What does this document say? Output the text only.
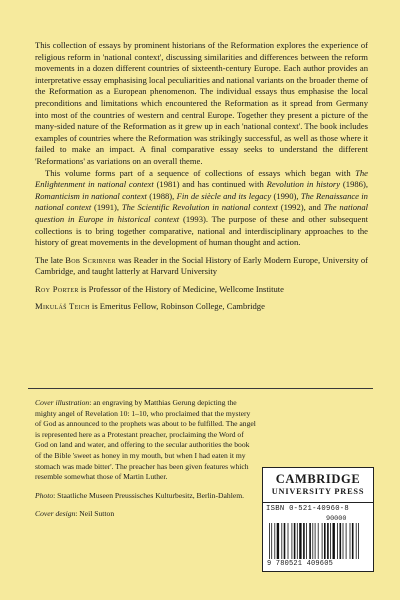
This collection of essays by prominent historians of the Reformation explores the experience of religious reform in 'national context', discussing similarities and differences between the reform movements in a dozen different countries of sixteenth-century Europe. Each author provides an interpretative essay emphasising local peculiarities and national variants on the broader theme of the Reformation as a European phenomenon. The individual essays thus emphasise the local preconditions and limitations which encountered the Reformation as it spread from Germany into most of the countries of western and central Europe. Together they present a picture of the many-sided nature of the Reformation as it grew up in each 'national context'. The book includes examples of countries where the Reformation was strikingly successful, as well as those where it failed to make an impact. A final comparative essay seeks to understand the different 'Reformations' as variations on an overall theme.

This volume forms part of a sequence of collections of essays which began with The Enlightenment in national context (1981) and has continued with Revolution in history (1986), Romanticism in national context (1988), Fin de siècle and its legacy (1990), The Renaissance in national context (1991), The Scientific Revolution in national context (1992), and The national question in Europe in historical context (1993). The purpose of these and other subsequent collections is to bring together comparative, national and interdisciplinary approaches to the history of great movements in the development of human thought and action.

The late Bob Scribner was Reader in the Social History of Early Modern Europe, University of Cambridge, and taught latterly at Harvard University

Roy Porter is Professor of the History of Medicine, Wellcome Institute

Mikuláš Teich is Emeritus Fellow, Robinson College, Cambridge

Cover illustration: an engraving by Matthias Gerung depicting the mighty angel of Revelation 10: 1–10, who proclaimed that the mystery of God as announced to the prophets was about to be fulfilled. The angel is represented here as a Protestant preacher, proclaiming the Word of God on land and water, and offering to the secular authorities the book of the Bible 'sweet as honey in my mouth, but when I had eaten it my stomach was made bitter'. The preacher has been given features which resemble somewhat those of Martin Luther.

Photo: Staatliche Museen Preussisches Kulturbesitz, Berlin-Dahlem.

Cover design: Neil Sutton

CAMBRIDGE
UNIVERSITY PRESS
ISBN 0-521-40960-8
90000
9 780521 409605
